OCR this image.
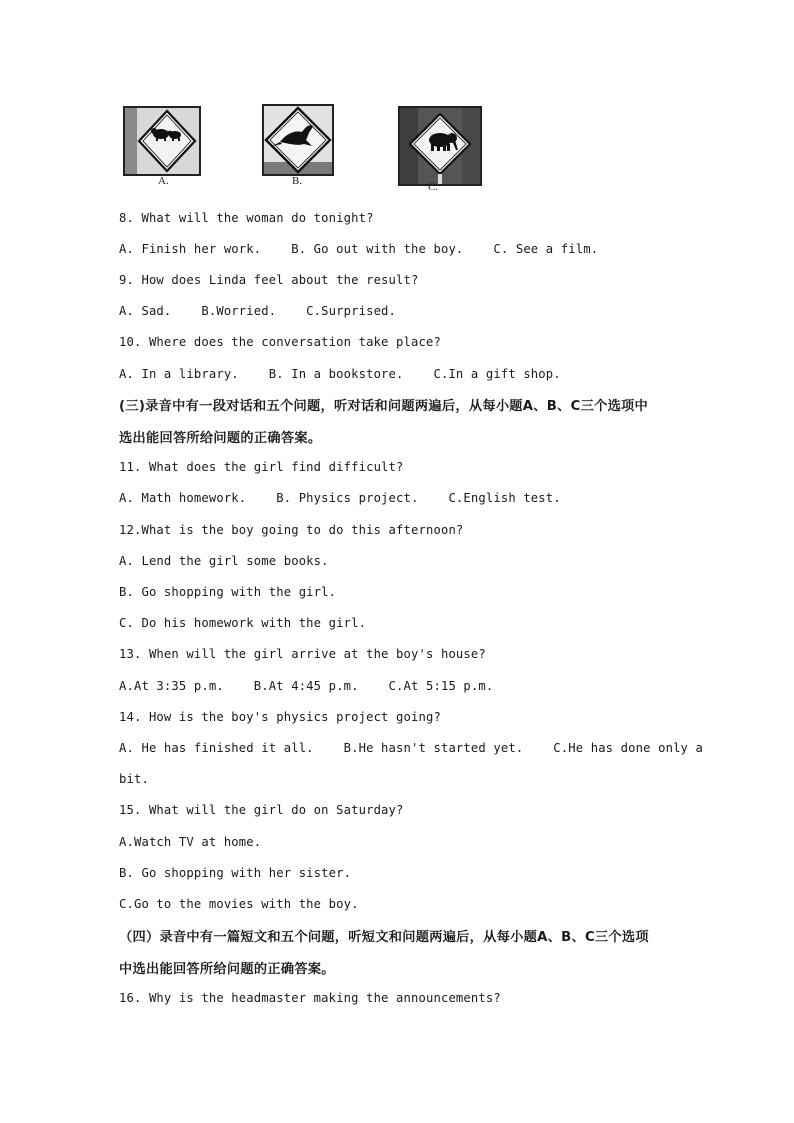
A.	B.	C.
8. What will the woman do tonight?
A. Finish her work.    B. Go out with the boy.    C. See a film.
9. How does Linda feel about the result?
A. Sad.    B.Worried.    C.Surprised.
10. Where does the conversation take place?
A. In a library.    B. In a bookstore.    C.In a gift shop.
(三)录音中有一段对话和五个问题，听对话和问题两遍后，从每小题A、B、C三个选项中
选出能回答所给问题的正确答案。
11. What does the girl find difficult?
A. Math homework.    B. Physics project.    C.English test.
12.What is the boy going to do this afternoon?
A. Lend the girl some books.
B. Go shopping with the girl.
C. Do his homework with the girl.
13. When will the girl arrive at the boy's house?
A.At 3:35 p.m.    B.At 4:45 p.m.    C.At 5:15 p.m.
14. How is the boy's physics project going?
A. He has finished it all.    B.He hasn't started yet.    C.He has done only a
bit.
15. What will the girl do on Saturday?
A.Watch TV at home.
B. Go shopping with her sister.
C.Go to the movies with the boy.
（四）录音中有一篇短文和五个问题，听短文和问题两遍后，从每小题A、B、C三个选项
中选出能回答所给问题的正确答案。
16. Why is the headmaster making the announcements?
